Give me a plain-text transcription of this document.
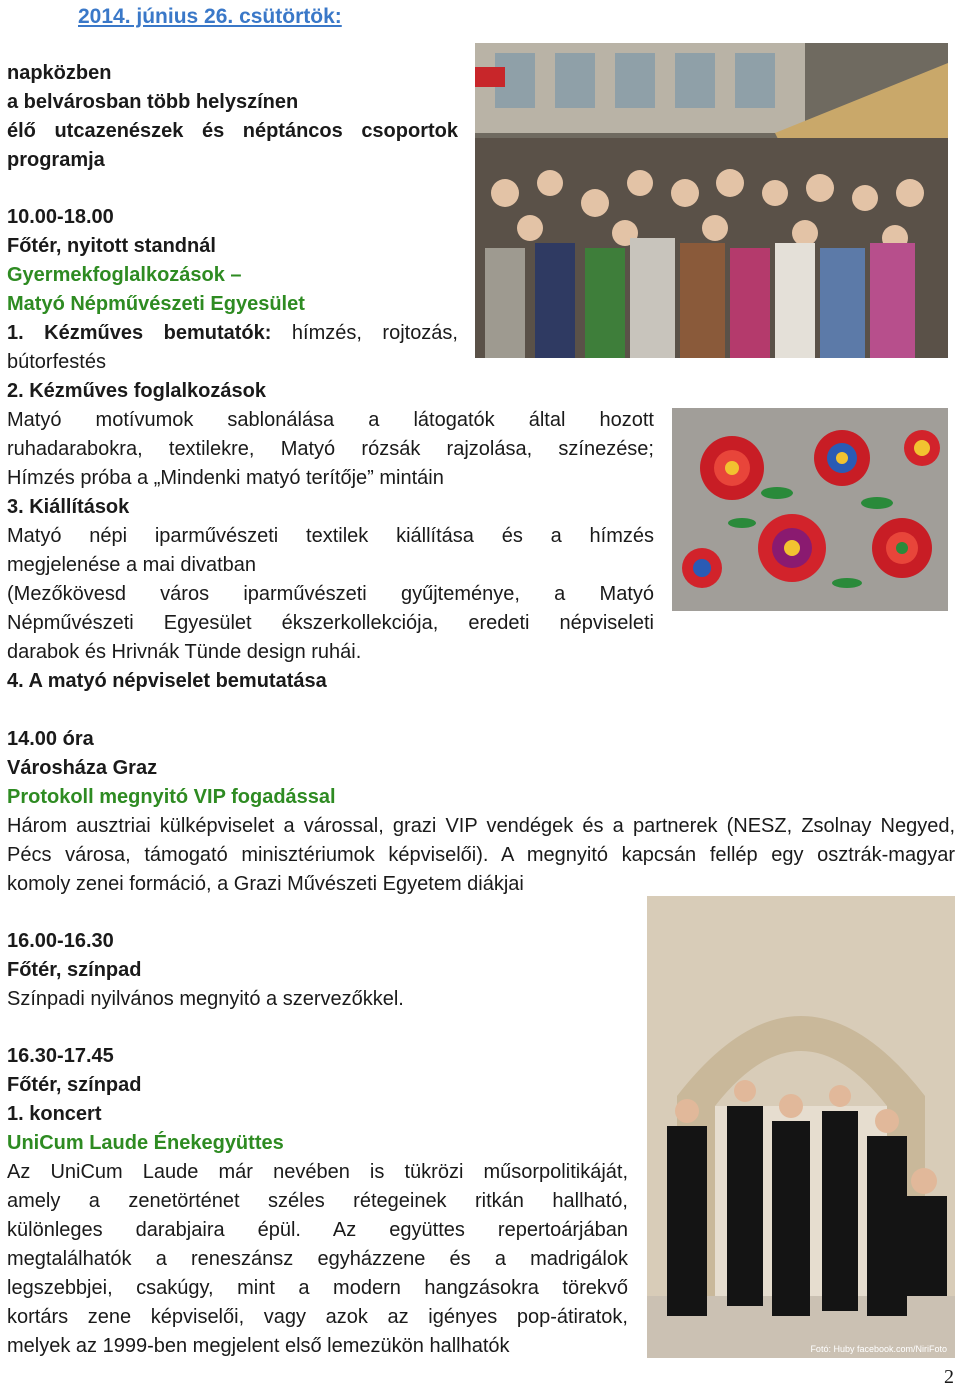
2014. június 26. csütörtök:
napközben
a belvárosban több helyszínen
élő utcazenészek és néptáncos csoportok
programja
10.00-18.00
Főtér, nyitott standnál
Gyermekfoglalkozások –
Matyó Népművészeti Egyesület
1. Kézműves bemutatók: hímzés, rojtozás,
bútorfestés
2. Kézműves foglalkozások
Matyó motívumok sablonálása a látogatók által hozott
ruhadarabokra, textilekre, Matyó rózsák rajzolása, színezése;
Hímzés próba a „Mindenki matyó terítője” mintáin
3. Kiállítások
Matyó népi iparművészeti textilek kiállítása és a hímzés
megjelenése a mai divatban
(Mezőkövesd város iparművészeti gyűjteménye, a Matyó
Népművészeti Egyesület ékszerkollekciója, eredeti népviseleti
darabok és Hrivnák Tünde design ruhái.
4. A matyó népviselet bemutatása
14.00 óra
Városháza Graz
Protokoll megnyitó VIP fogadással
Három ausztriai külképviselet a várossal, grazi VIP vendégek és a partnerek (NESZ, Zsolnay Negyed,
Pécs városa, támogató minisztériumok képviselői). A megnyitó kapcsán fellép egy osztrák-magyar
komoly zenei formáció, a Grazi Művészeti Egyetem diákjai
16.00-16.30
Főtér, színpad
Színpadi nyilvános megnyitó a szervezőkkel.
16.30-17.45
Főtér, színpad
1. koncert
UniCum Laude Énekegyüttes
Az UniCum Laude már nevében is tükrözi műsorpolitikáját,
amely a zenetörténet széles rétegeinek ritkán hallható,
különleges darabjaira épül. Az együttes repertoárjában
megtalálhatók a reneszánsz egyházzene és a madrigálok
legszebbjei, csakúgy, mint a modern hangzásokra törekvő
kortárs zene képviselői, vagy azok az igényes pop-átiratok,
melyek az 1999-ben megjelent első lemezükön hallhatók	Fotó: Huby facebook.com/NiriFoto
2
